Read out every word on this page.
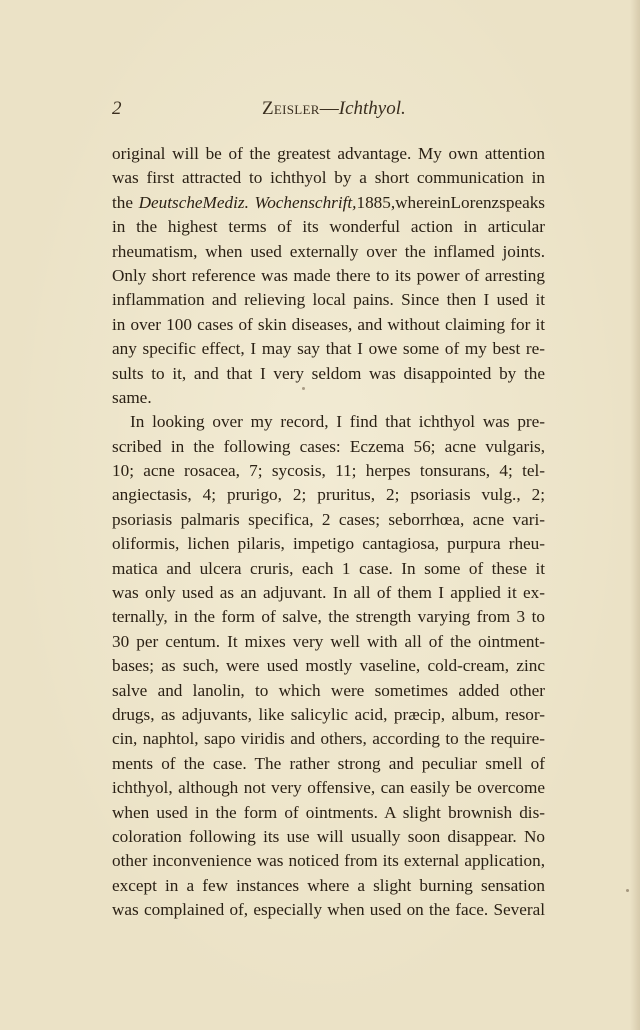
2	Zeisler—Ichthyol.
original will be of the greatest advantage. My own attention
was first attracted to ichthyol by a short communication in
the DeutscheMediz. Wochenschrift,1885,whereinLorenzspeaks
in the highest terms of its wonderful action in articular
rheumatism, when used externally over the inflamed joints.
Only short reference was made there to its power of arresting
inflammation and relieving local pains. Since then I used it
in over 100 cases of skin diseases, and without claiming for it
any specific effect, I may say that I owe some of my best re-
sults to it, and that I very seldom was disappointed by the
same.
In looking over my record, I find that ichthyol was pre-
scribed in the following cases: Eczema 56; acne vulgaris,
10; acne rosacea, 7; sycosis, 11; herpes tonsurans, 4; tel-
angiectasis, 4; prurigo, 2; pruritus, 2; psoriasis vulg., 2;
psoriasis palmaris specifica, 2 cases; seborrhœa, acne vari-
oliformis, lichen pilaris, impetigo cantagiosa, purpura rheu-
matica and ulcera cruris, each 1 case. In some of these it
was only used as an adjuvant. In all of them I applied it ex-
ternally, in the form of salve, the strength varying from 3 to
30 per centum. It mixes very well with all of the ointment-
bases; as such, were used mostly vaseline, cold-cream, zinc
salve and lanolin, to which were sometimes added other
drugs, as adjuvants, like salicylic acid, præcip, album, resor-
cin, naphtol, sapo viridis and others, according to the require-
ments of the case. The rather strong and peculiar smell of
ichthyol, although not very offensive, can easily be overcome
when used in the form of ointments. A slight brownish dis-
coloration following its use will usually soon disappear. No
other inconvenience was noticed from its external application,
except in a few instances where a slight burning sensation
was complained of, especially when used on the face. Several
